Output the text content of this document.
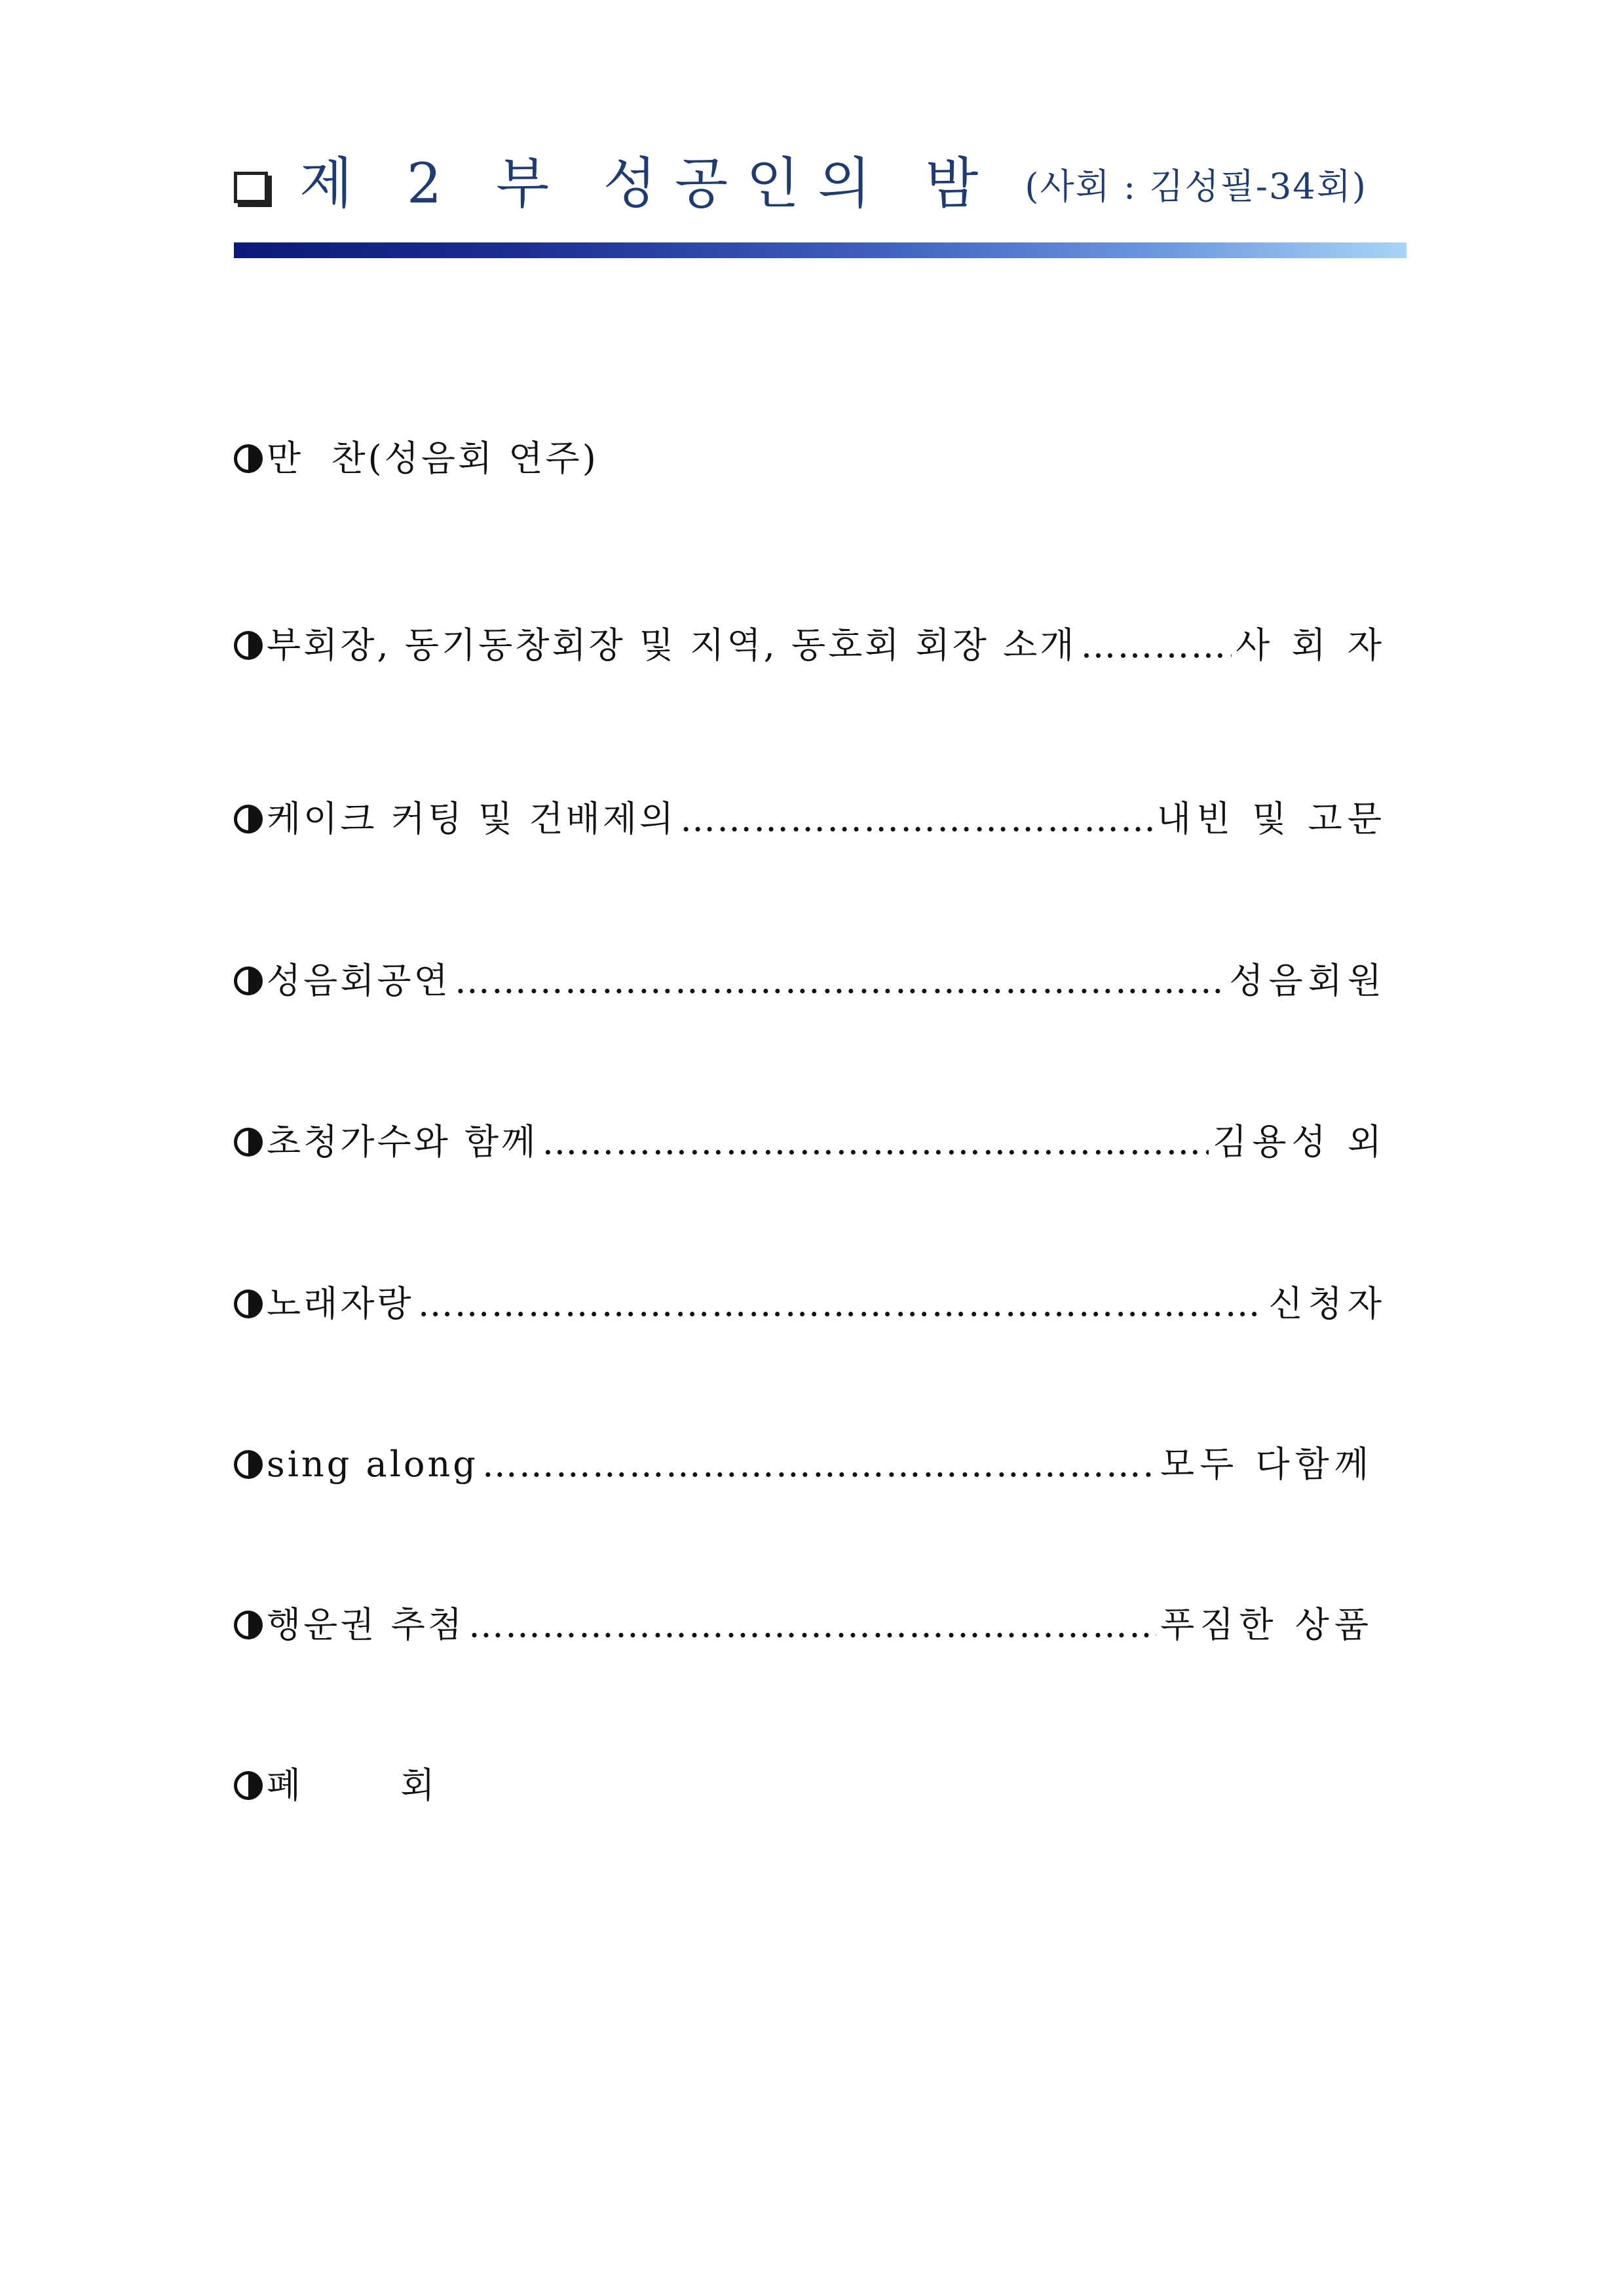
제 2 부 성공인의 밤 (사회 : 김성필-34회)
만  찬(성음회 연주)
부회장, 동기동창회장 및 지역, 동호회 회장 소개 …………………………………………………………………………………………………………………………………………………………………………………………	사 회 자
케이크 커팅 및 건배제의 …………………………………………………………………………………………………………………………………………………………………………………………	내빈 및 고문
성음회공연 …………………………………………………………………………………………………………………………………………………………………………………………	성음회원
초청가수와 함께 …………………………………………………………………………………………………………………………………………………………………………………………	김용성 외
노래자랑 …………………………………………………………………………………………………………………………………………………………………………………………	신청자
sing along …………………………………………………………………………………………………………………………………………………………………………………………	모두 다함께
행운권 추첨 …………………………………………………………………………………………………………………………………………………………………………………………	푸짐한 상품
폐       회
